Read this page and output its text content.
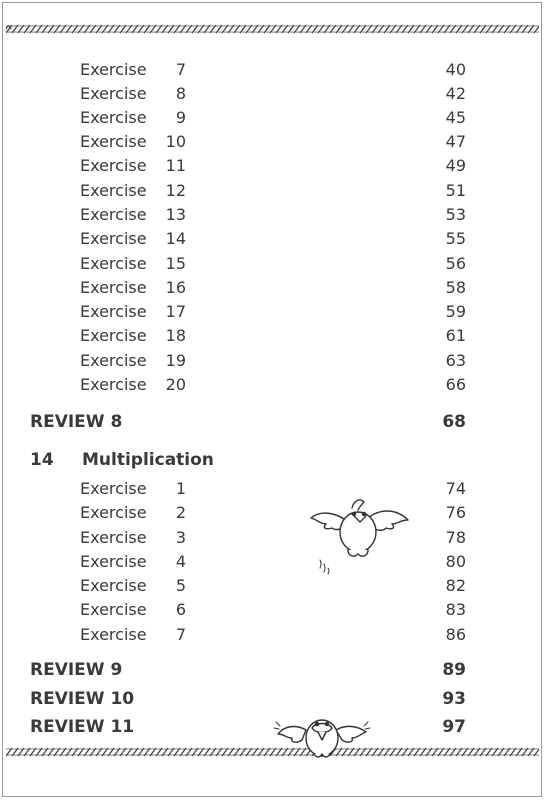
Exercise	7	40
Exercise	8	42
Exercise	9	45
Exercise	10	47
Exercise	11	49
Exercise	12	51
Exercise	13	53
Exercise	14	55
Exercise	15	56
Exercise	16	58
Exercise	17	59
Exercise	18	61
Exercise	19	63
Exercise	20	66
REVIEW 8	68
14 Multiplication
Exercise	1	74
Exercise	2	76
Exercise	3	78
Exercise	4	80
Exercise	5	82
Exercise	6	83
Exercise	7	86
REVIEW 9	89
REVIEW 10	93
REVIEW 11	97
